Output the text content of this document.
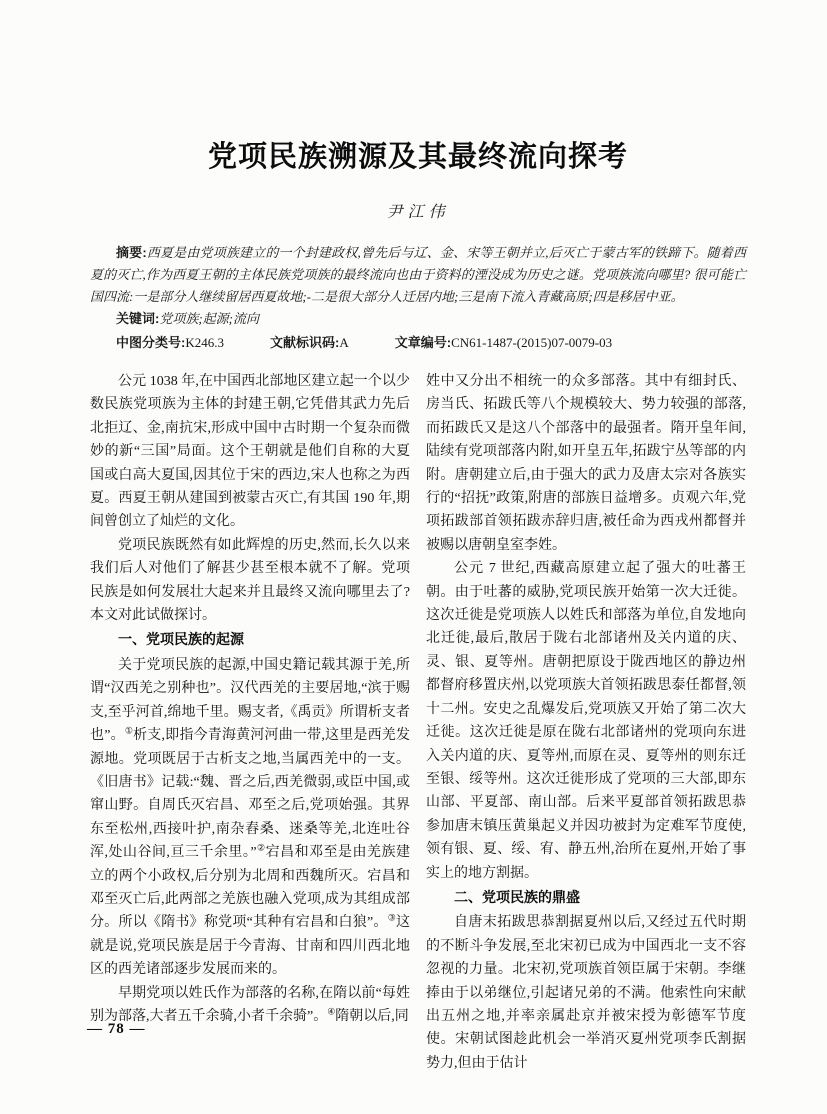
党项民族溯源及其最终流向探考
尹江伟

摘要:西夏是由党项族建立的一个封建政权,曾先后与辽、金、宋等王朝并立,后灭亡于蒙古军的铁蹄下。随着西夏的灭亡,作为西夏王朝的主体民族党项族的最终流向也由于资料的湮没成为历史之谜。党项族流向哪里? 很可能亡国四流:一是部分人继续留居西夏故地;-二是很大部分人迁居内地;三是南下流入青藏高原;四是移居中亚。

关键词:党项族;起源;流向

中图分类号:K246.3	文献标识码:A	文章编号:CN61-1487-(2015)07-0079-03

公元 1038 年,在中国西北部地区建立起一个以少数民族党项族为主体的封建王朝,它凭借其武力先后北拒辽、金,南抗宋,形成中国中古时期一个复杂而微妙的新“三国”局面。这个王朝就是他们自称的大夏国或白高大夏国,因其位于宋的西边,宋人也称之为西夏。西夏王朝从建国到被蒙古灭亡,有其国 190 年,期间曾创立了灿烂的文化。

党项民族既然有如此辉煌的历史,然而,长久以来我们后人对他们了解甚少甚至根本就不了解。党项民族是如何发展壮大起来并且最终又流向哪里去了? 本文对此试做探讨。

一、党项民族的起源

关于党项民族的起源,中国史籍记载其源于羌,所谓“汉西羌之别种也”。汉代西羌的主要居地,“滨于赐支,至乎河首,绵地千里。赐支者,《禹贡》所谓析支者也”。①析支,即指今青海黄河河曲一带,这里是西羌发源地。党项既居于古析支之地,当属西羌中的一支。《旧唐书》记载:“魏、晋之后,西羌微弱,或臣中国,或窜山野。自周氏灭宕昌、邓至之后,党项始强。其界东至松州,西接叶护,南杂舂桑、迷桑等羌,北连吐谷浑,处山谷间,亘三千余里。”②宕昌和邓至是由羌族建立的两个小政权,后分别为北周和西魏所灭。宕昌和邓至灭亡后,此两部之羌族也融入党项,成为其组成部分。所以《隋书》称党项“其种有宕昌和白狼”。③这就是说,党项民族是居于今青海、甘南和四川西北地区的西羌诸部逐步发展而来的。

早期党项以姓氏作为部落的名称,在隋以前“每姓别为部落,大者五千余骑,小者千余骑”。④隋朝以后,同

姓中又分出不相统一的众多部落。其中有细封氏、房当氏、拓跋氏等八个规模较大、势力较强的部落,而拓跋氏又是这八个部落中的最强者。隋开皇年间,陆续有党项部落内附,如开皇五年,拓跋宁丛等部的内附。唐朝建立后,由于强大的武力及唐太宗对各族实行的“招抚”政策,附唐的部族日益增多。贞观六年,党项拓跋部首领拓跋赤辞归唐,被任命为西戎州都督并被赐以唐朝皇室李姓。

公元 7 世纪,西藏高原建立起了强大的吐蕃王朝。由于吐蕃的威胁,党项民族开始第一次大迁徙。这次迁徙是党项族人以姓氏和部落为单位,自发地向北迁徙,最后,散居于陇右北部诸州及关内道的庆、灵、银、夏等州。唐朝把原设于陇西地区的静边州都督府移置庆州,以党项族大首领拓跋思泰任都督,领十二州。安史之乱爆发后,党项族又开始了第二次大迁徙。这次迁徙是原在陇右北部诸州的党项向东进入关内道的庆、夏等州,而原在灵、夏等州的则东迁至银、绥等州。这次迁徙形成了党项的三大部,即东山部、平夏部、南山部。后来平夏部首领拓跋思恭参加唐末镇压黄巢起义并因功被封为定难军节度使,领有银、夏、绥、宥、静五州,治所在夏州,开始了事实上的地方割据。

二、党项民族的鼎盛

自唐末拓跋思恭割据夏州以后,又经过五代时期的不断斗争发展,至北宋初已成为中国西北一支不容忽视的力量。北宋初,党项族首领臣属于宋朝。李继捧由于以弟继位,引起诸兄弟的不满。他索性向宋献出五州之地,并率亲属赴京并被宋授为彰德军节度使。宋朝试图趁此机会一举消灭夏州党项李氏割据势力,但由于估计

— 78 —
